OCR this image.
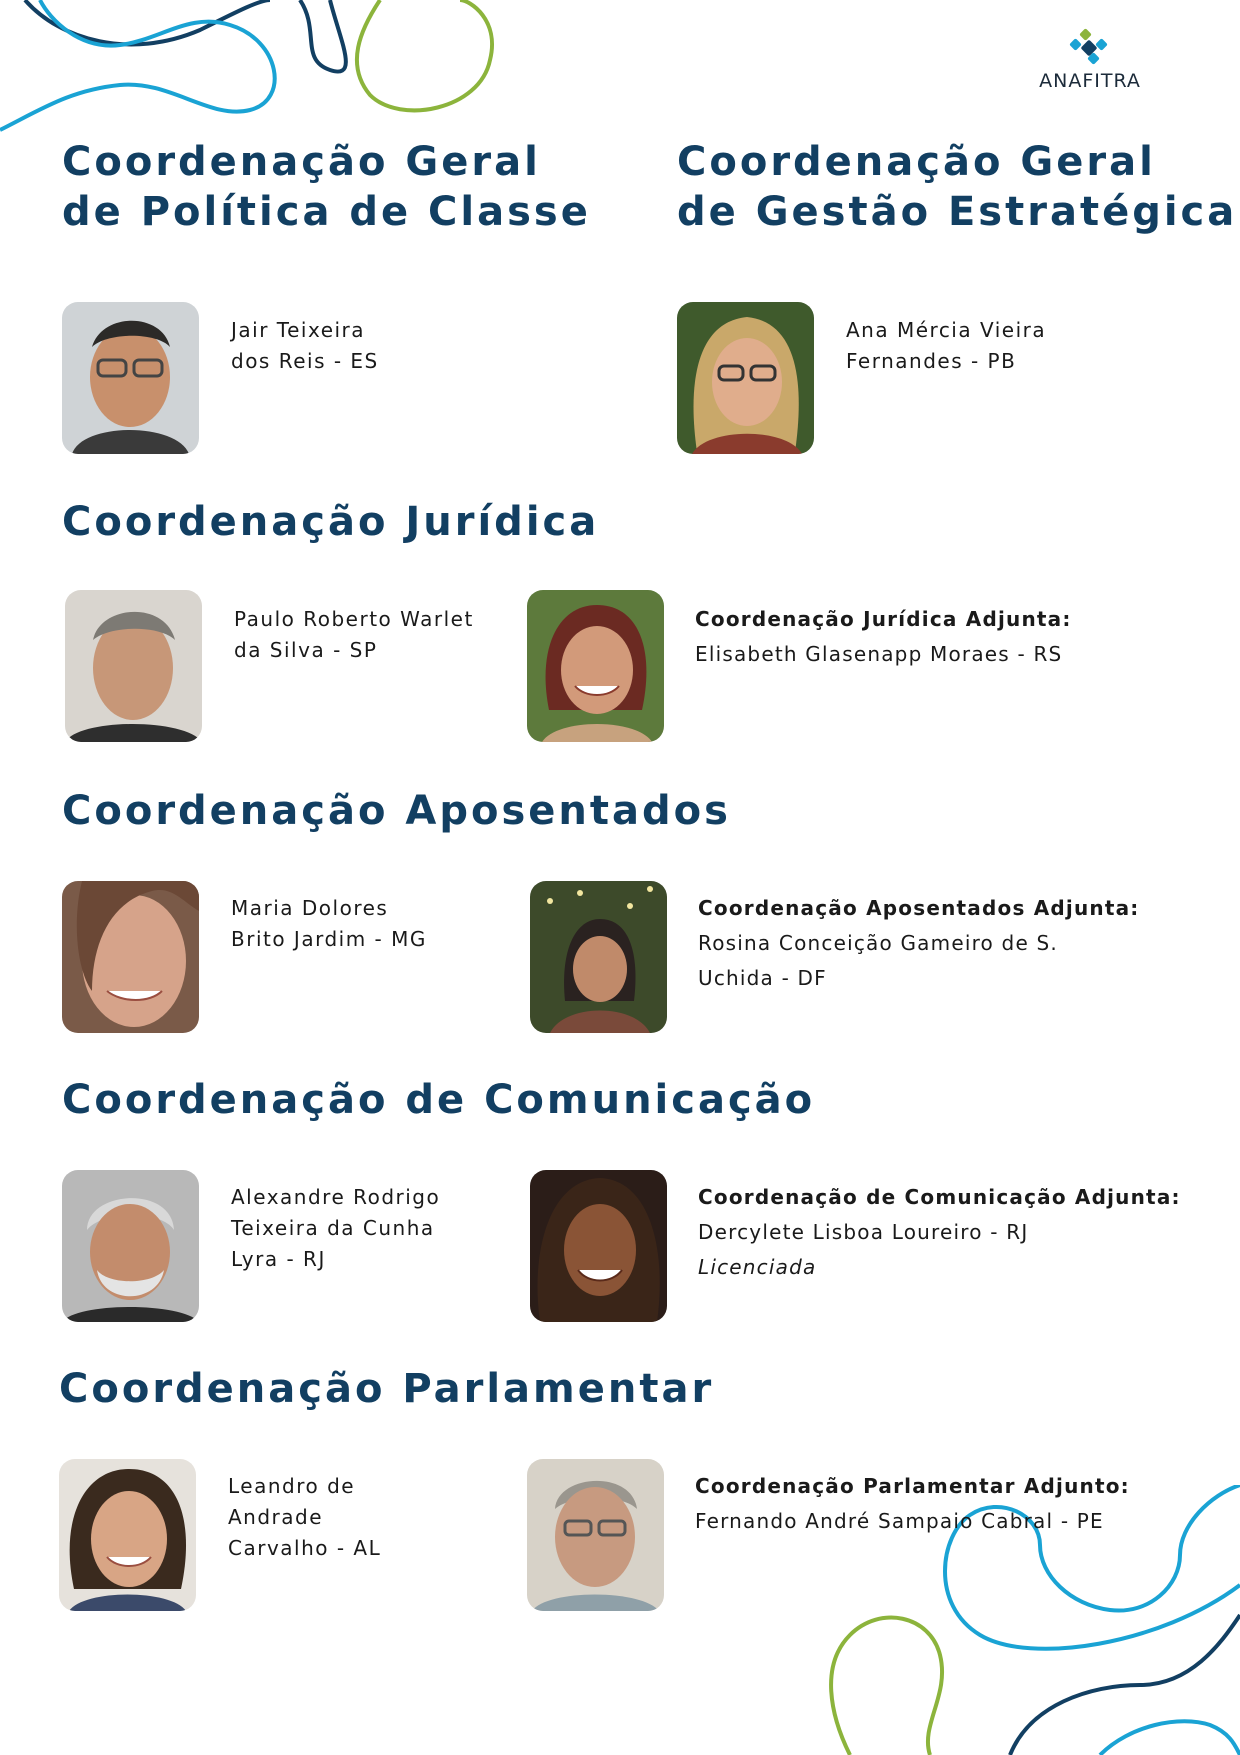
ANAFITRA
Coordenação Geral
de Política de Classe
Jair Teixeira
dos Reis - ES
Coordenação Geral
de Gestão Estratégica
Ana Mércia Vieira
Fernandes - PB
Coordenação Jurídica
Paulo Roberto Warlet
da Silva - SP
Coordenação Jurídica Adjunta:
Elisabeth Glasenapp Moraes - RS
Coordenação Aposentados
Maria Dolores
Brito Jardim - MG
Coordenação Aposentados Adjunta:
Rosina Conceição Gameiro de S.
Uchida - DF
Coordenação de Comunicação
Alexandre Rodrigo
Teixeira da Cunha
Lyra - RJ
Coordenação de Comunicação Adjunta:
Dercylete Lisboa Loureiro - RJ
Licenciada
Coordenação Parlamentar
Leandro de
Andrade
Carvalho - AL
Coordenação Parlamentar Adjunto:
Fernando André Sampaio Cabral - PE
